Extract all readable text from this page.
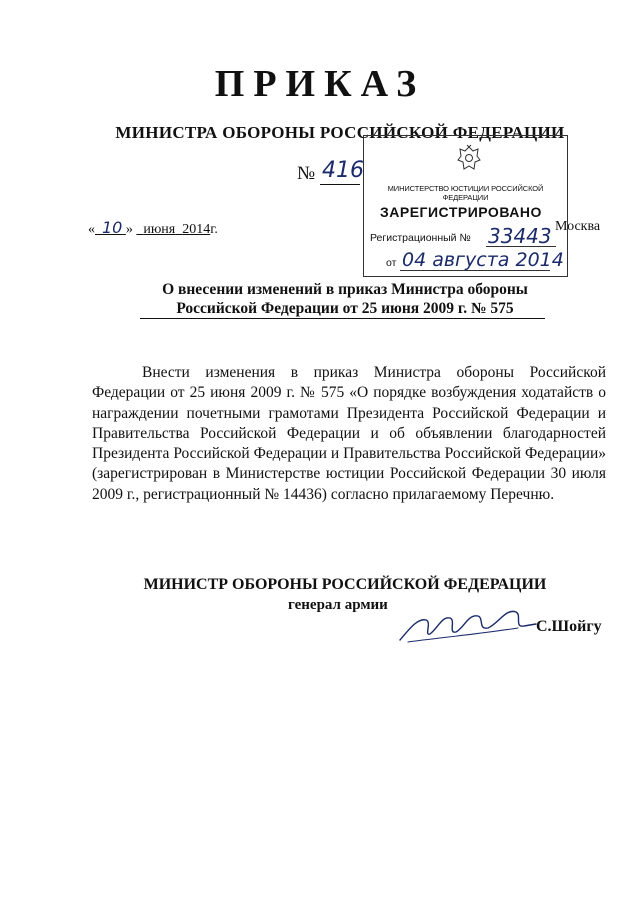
ПРИКАЗ
МИНИСТРА ОБОРОНЫ РОССИЙСКОЙ ФЕДЕРАЦИИ
№ 416
« 10 » июня 2014г.	Москва
МИНИСТЕРСТВО ЮСТИЦИИ РОССИЙСКОЙ ФЕДЕРАЦИИ
ЗАРЕГИСТРИРОВАНО
Регистрационный № 33443
от 04 августа 2014
О внесении изменений в приказ Министра обороны
Российской Федерации от 25 июня 2009 г. № 575
Внести изменения в приказ Министра обороны Российской Федерации от 25 июня 2009 г. № 575 «О порядке возбуждения ходатайств о награждении почетными грамотами Президента Российской Федерации и Правительства Российской Федерации и об объявлении благодарностей Президента Российской Федерации и Правительства Российской Федерации» (зарегистрирован в Министерстве юстиции Российской Федерации 30 июля 2009 г., регистрационный № 14436) согласно прилагаемому Перечню.
МИНИСТР ОБОРОНЫ РОССИЙСКОЙ ФЕДЕРАЦИИ
генерал армии
С.Шойгу
